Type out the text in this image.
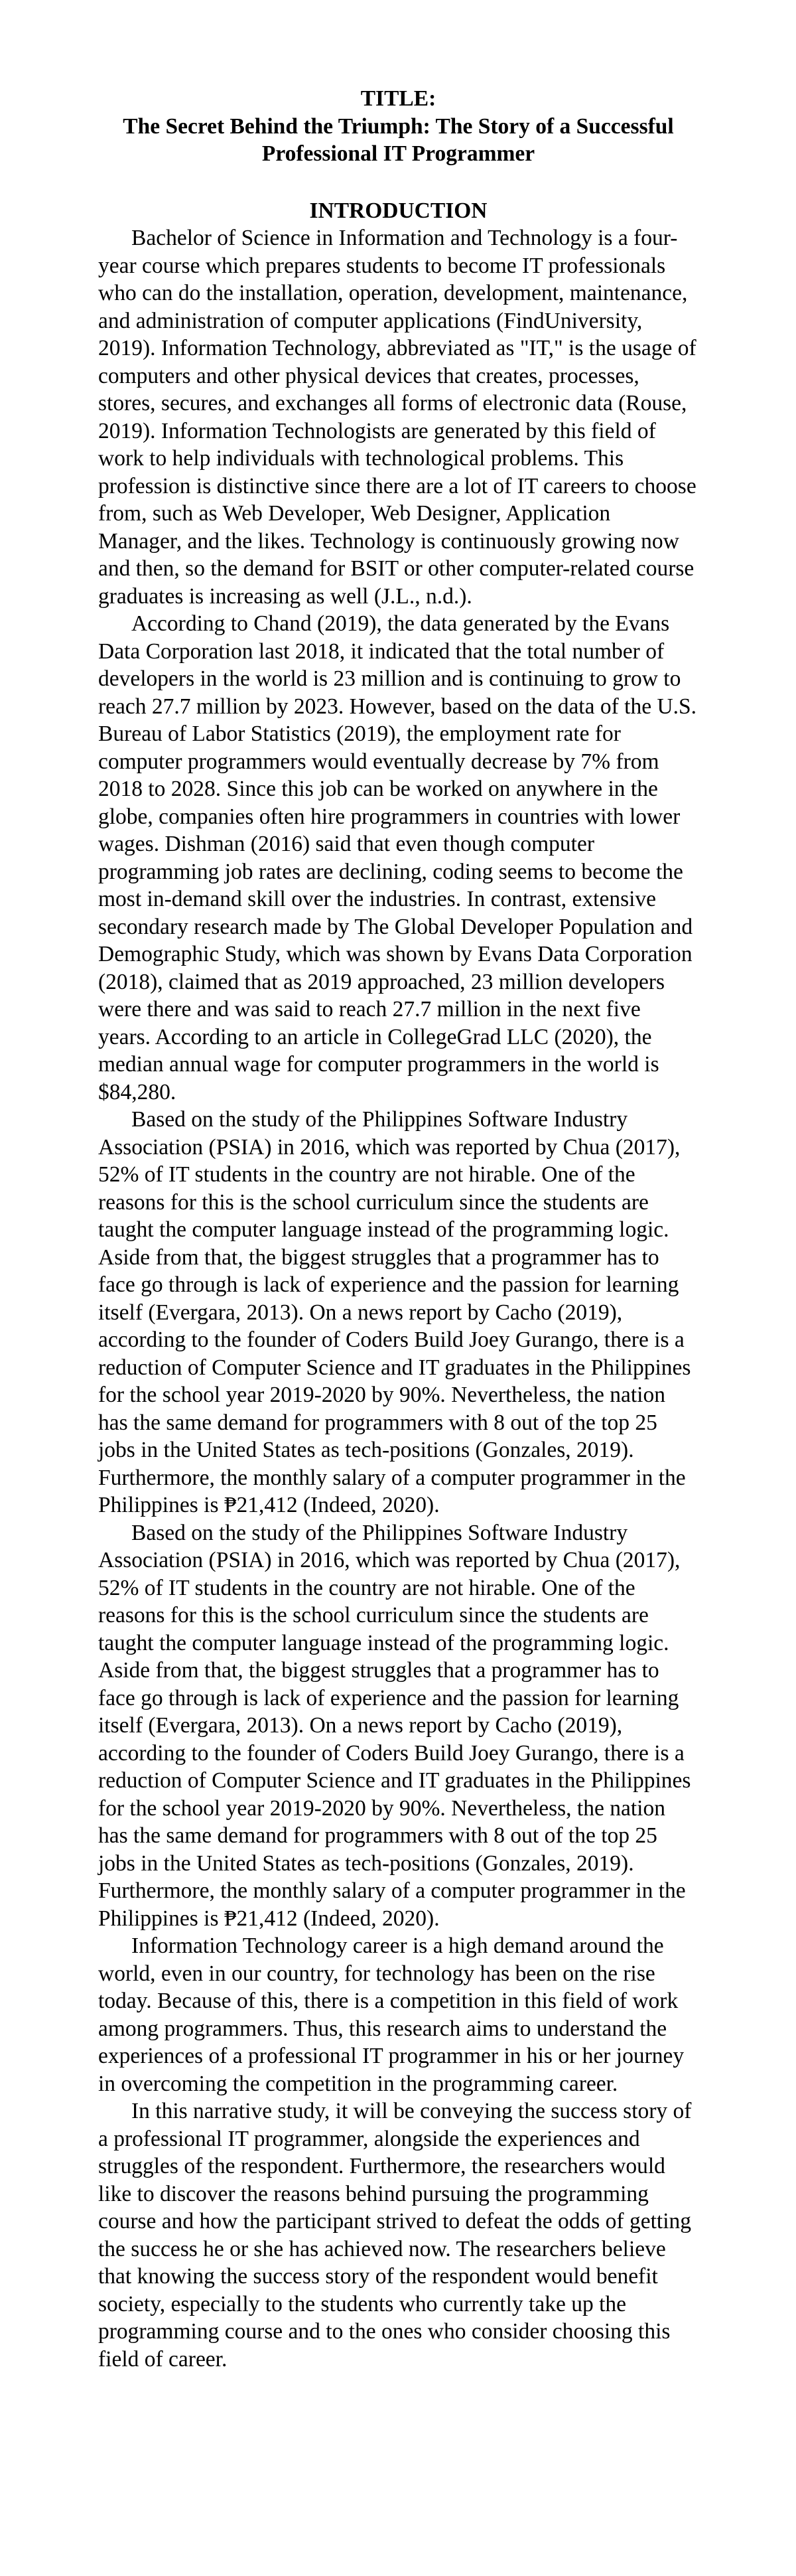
TITLE:

The Secret Behind the Triumph: The Story of a Successful Professional IT Programmer

INTRODUCTION

Bachelor of Science in Information and Technology is a four-year course which prepares students to become IT professionals who can do the installation, operation, development, maintenance, and administration of computer applications (FindUniversity, 2019). Information Technology, abbreviated as "IT," is the usage of computers and other physical devices that creates, processes, stores, secures, and exchanges all forms of electronic data (Rouse, 2019). Information Technologists are generated by this field of work to help individuals with technological problems. This profession is distinctive since there are a lot of IT careers to choose from, such as Web Developer, Web Designer, Application Manager, and the likes. Technology is continuously growing now and then, so the demand for BSIT or other computer-related course graduates is increasing as well (J.L., n.d.).

According to Chand (2019), the data generated by the Evans Data Corporation last 2018, it indicated that the total number of developers in the world is 23 million and is continuing to grow to reach 27.7 million by 2023. However, based on the data of the U.S. Bureau of Labor Statistics (2019), the employment rate for computer programmers would eventually decrease by 7% from 2018 to 2028. Since this job can be worked on anywhere in the globe, companies often hire programmers in countries with lower wages. Dishman (2016) said that even though computer programming job rates are declining, coding seems to become the most in-demand skill over the industries. In contrast, extensive secondary research made by The Global Developer Population and Demographic Study, which was shown by Evans Data Corporation (2018), claimed that as 2019 approached, 23 million developers were there and was said to reach 27.7 million in the next five years. According to an article in CollegeGrad LLC (2020), the median annual wage for computer programmers in the world is $84,280.

Based on the study of the Philippines Software Industry Association (PSIA) in 2016, which was reported by Chua (2017), 52% of IT students in the country are not hirable. One of the reasons for this is the school curriculum since the students are taught the computer language instead of the programming logic. Aside from that, the biggest struggles that a programmer has to face go through is lack of experience and the passion for learning itself (Evergara, 2013). On a news report by Cacho (2019), according to the founder of Coders Build Joey Gurango, there is a reduction of Computer Science and IT graduates in the Philippines for the school year 2019-2020 by 90%. Nevertheless, the nation has the same demand for programmers with 8 out of the top 25 jobs in the United States as tech-positions (Gonzales, 2019). Furthermore, the monthly salary of a computer programmer in the Philippines is ₱21,412 (Indeed, 2020).

Based on the study of the Philippines Software Industry Association (PSIA) in 2016, which was reported by Chua (2017), 52% of IT students in the country are not hirable. One of the reasons for this is the school curriculum since the students are taught the computer language instead of the programming logic. Aside from that, the biggest struggles that a programmer has to face go through is lack of experience and the passion for learning itself (Evergara, 2013). On a news report by Cacho (2019), according to the founder of Coders Build Joey Gurango, there is a reduction of Computer Science and IT graduates in the Philippines for the school year 2019-2020 by 90%. Nevertheless, the nation has the same demand for programmers with 8 out of the top 25 jobs in the United States as tech-positions (Gonzales, 2019). Furthermore, the monthly salary of a computer programmer in the Philippines is ₱21,412 (Indeed, 2020).

Information Technology career is a high demand around the world, even in our country, for technology has been on the rise today. Because of this, there is a competition in this field of work among programmers. Thus, this research aims to understand the experiences of a professional IT programmer in his or her journey in overcoming the competition in the programming career.

In this narrative study, it will be conveying the success story of a professional IT programmer, alongside the experiences and struggles of the respondent. Furthermore, the researchers would like to discover the reasons behind pursuing the programming course and how the participant strived to defeat the odds of getting the success he or she has achieved now. The researchers believe that knowing the success story of the respondent would benefit society, especially to the students who currently take up the programming course and to the ones who consider choosing this field of career.
